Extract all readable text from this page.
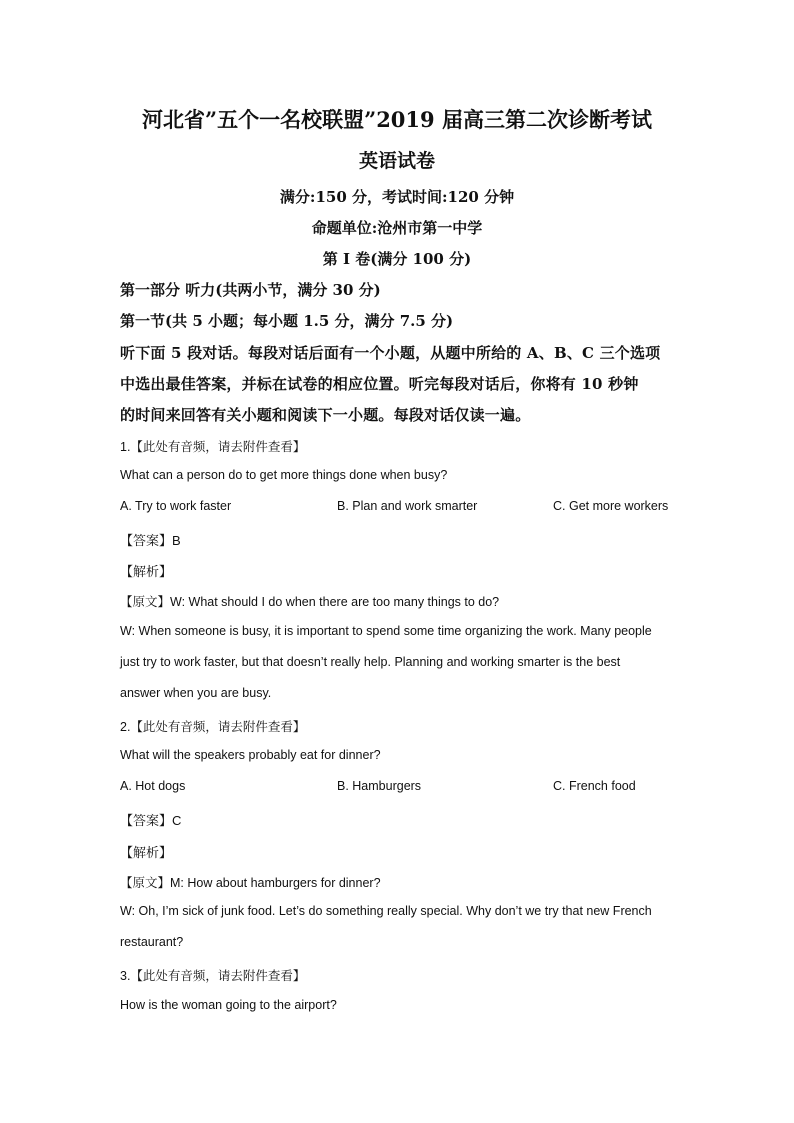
河北省”五个一名校联盟”2019 届高三第二次诊断考试
英语试卷
满分:150 分，考试时间:120 分钟
命题单位:沧州市第一中学
第 I 卷(满分 100 分)
第一部分 听力(共两小节，满分 30 分)
第一节(共 5 小题；每小题 1.5 分，满分 7.5 分)
听下面 5 段对话。每段对话后面有一个小题，从题中所给的 A、B、C 三个选项
中选出最佳答案，并标在试卷的相应位置。听完每段对话后，你将有 10 秒钟
的时间来回答有关小题和阅读下一小题。每段对话仅读一遍。
1.【此处有音频，请去附件查看】
What can a person do to get more things done when busy?
A. Try to work faster	B. Plan and work smarter	C. Get more workers
【答案】B
【解析】
【原文】W: What should I do when there are too many things to do?
W: When someone is busy, it is important to spend some time organizing the work. Many people
just try to work faster, but that doesn’t really help. Planning and working smarter is the best
answer when you are busy.
2.【此处有音频，请去附件查看】
What will the speakers probably eat for dinner?
A. Hot dogs	B. Hamburgers	C. French food
【答案】C
【解析】
【原文】M: How about hamburgers for dinner?
W: Oh, I’m sick of junk food. Let’s do something really special. Why don’t we try that new French
restaurant?
3.【此处有音频，请去附件查看】
How is the woman going to the airport?
